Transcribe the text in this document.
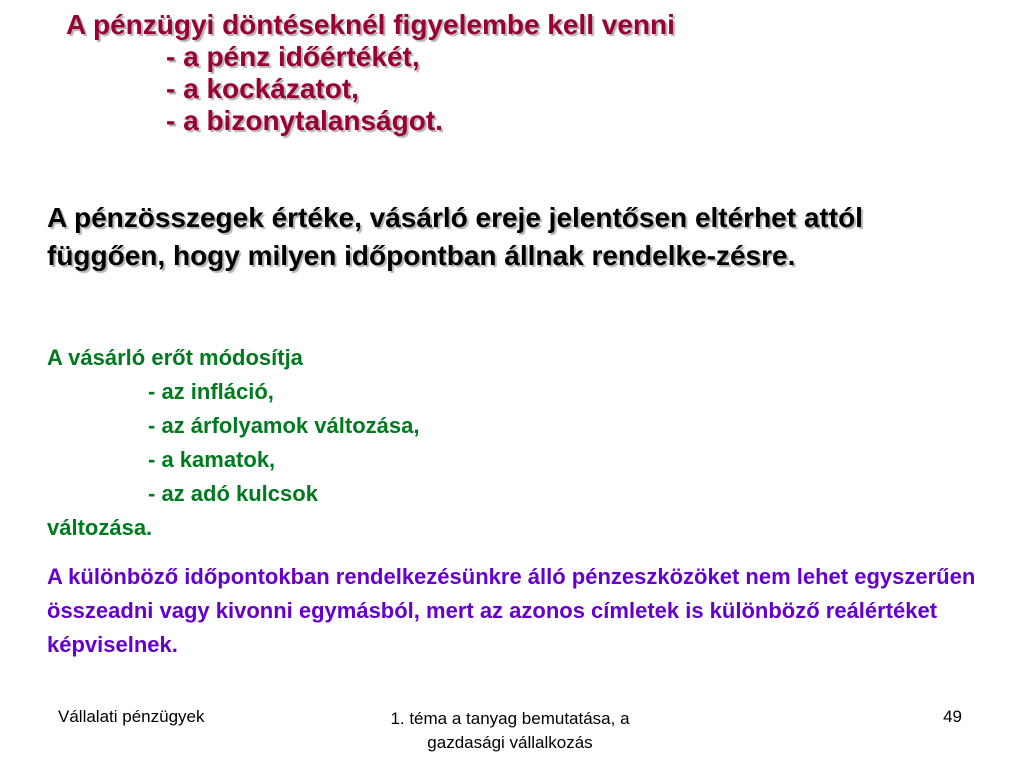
A pénzügyi döntéseknél figyelembe kell venni
- a pénz időértékét,
- a kockázatot,
- a bizonytalanságot.
A pénzösszegek értéke, vásárló ereje jelentősen eltérhet attól függően, hogy milyen időpontban állnak rendelke-zésre.
A vásárló erőt módosítja
- az infláció,
- az árfolyamok változása,
- a kamatok,
- az adó kulcsok
változása.
A különböző időpontokban rendelkezésünkre álló pénzeszközöket nem lehet egyszerűen összeadni vagy kivonni egymásból, mert az azonos címletek is különböző reálértéket képviselnek.
Vállalati pénzügyek	1. téma a tanyag bemutatása, a gazdasági vállalkozás
49
